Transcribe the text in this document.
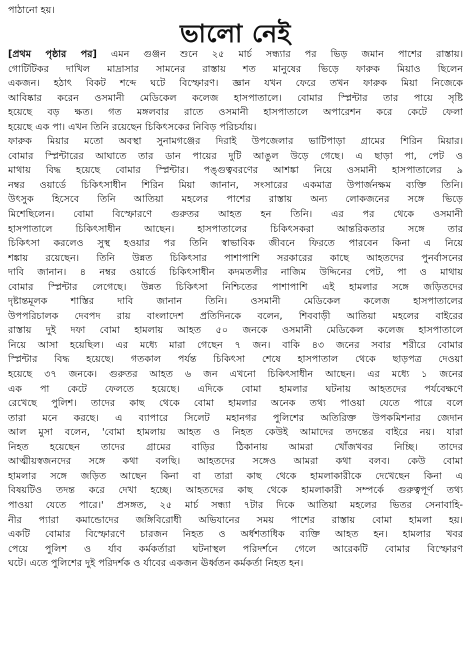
পাঠানো হয়।

ভালো নেই
[প্রথম পৃষ্ঠার পর] এমন গুঞ্জন শুনে ২৫ মার্চ সন্ধ্যার পর ভিড় জমান পাশের রাস্তায়।
গোটিটিকর দাখিল মাদ্রাসার সামনের রাস্তায় শত মানুষের ভিড়ে ফারুক মিয়াও ছিলেন
একজন। হঠাৎ বিকট শব্দে ঘটে বিস্ফোরণ। জ্ঞান যখন ফেরে তখন ফারুক মিয়া নিজেকে
আবিষ্কার করেন ওসমানী মেডিকেল কলেজ হাসপাতালে। বোমার স্প্লিন্টার তার পায়ে সৃষ্টি
হয়েছে বড় ক্ষত। গত মঙ্গলবার রাতে ওসমানী হাসপাতালে অপারেশন করে কেটে ফেলা
হয়েছে এক পা। এখন তিনি রয়েছেন চিকিৎসকের নিবিড় পরিচর্যায়।
ফারুক মিয়ার মতো অবস্থা সুনামগঞ্জের দিরাই উপজেলার ভাটিপাড়া গ্রামের শিরিন মিয়ার।
বোমার স্প্লিন্টারের আঘাতে তার ডান পায়ের দুটি আঙুল উড়ে গেছে। এ ছাড়া পা, পেট ও
মাথায় বিদ্ধ হয়েছে বোমার স্প্লিন্টার। পঙ্গুত্ববরণের আশঙ্কা নিয়ে ওসমানী হাসপাতালের ৯
নম্বর ওয়ার্ডে চিকিৎসাধীন শিরিন মিয়া জানান, সংসারের একমাত্র উপার্জনক্ষম ব্যক্তি তিনি।
উৎসুক হিসেবে তিনি আতিয়া মহলের পাশের রাস্তায় অন্য লোকজনের সঙ্গে ভিড়ে
মিশেছিলেন। বোমা বিস্ফোরণে গুরুতর আহত হন তিনি। এর পর থেকে ওসমানী
হাসপাতালে চিকিৎসাধীন আছেন। হাসপাতালের চিকিৎসকরা আন্তরিকতার সঙ্গে তার
চিকিৎসা করলেও সুস্থ হওয়ার পর তিনি স্বাভাবিক জীবনে ফিরতে পারবেন কিনা এ নিয়ে
শঙ্কায় রয়েছেন। তিনি উন্নত চিকিৎসার পাশাপাশি সরকারের কাছে আহতদের পুনর্বাসনের
দাবি জানান। ৪ নম্বর ওয়ার্ডে চিকিৎসাধীন কদমতলীর নাজিম উদ্দিনের পেট, পা ও মাথায়
বোমার স্প্লিন্টার লেগেছে। উন্নত চিকিৎসা নিশ্চিতের পাশাপাশি এই হামলার সঙ্গে জড়িতদের
দৃষ্টান্তমূলক শাস্তির দাবি জানান তিনি। ওসমানী মেডিকেল কলেজ হাসপাতালের
উপপরিচালক দেবপদ রায় বাংলাদেশ প্রতিদিনকে বলেন, শিববাড়ী আতিয়া মহলের বাইরের
রাস্তায় দুই দফা বোমা হামলায় আহত ৫০ জনকে ওসমানী মেডিকেল কলেজ হাসপাতালে
নিয়ে আসা হয়েছিল। এর মধ্যে মারা গেছেন ৭ জন। বাকি ৪৩ জনের সবার শরীরে বোমার
স্প্লিন্টার বিদ্ধ হয়েছে। গতকাল পর্যন্ত চিকিৎসা শেষে হাসপাতাল থেকে ছাড়পত্র দেওয়া
হয়েছে ৩৭ জনকে। গুরুতর আহত ৬ জন এখনো চিকিৎসাধীন আছেন। এর মধ্যে ১ জনের
এক পা কেটে ফেলতে হয়েছে। এদিকে বোমা হামলার ঘটনায় আহতদের পর্যবেক্ষণে
রেখেছে পুলিশ। তাদের কাছ থেকে বোমা হামলার অনেক তথ্য পাওয়া যেতে পারে বলে
তারা মনে করছে। এ ব্যাপারে সিলেট মহানগর পুলিশের অতিরিক্ত উপকমিশনার জেদান
আল মুসা বলেন, 'বোমা হামলায় আহত ও নিহত কেউই আমাদের তদন্তের বাইরে নয়। যারা
নিহত হয়েছেন তাদের গ্রামের বাড়ির ঠিকানায় আমরা খোঁজখবর নিচ্ছি। তাদের
আত্মীয়স্বজনদের সঙ্গে কথা বলছি। আহতদের সঙ্গেও আমরা কথা বলব। কেউ বোমা
হামলার সঙ্গে জড়িত আছেন কিনা বা তারা কাছ থেকে হামলাকারীকে দেখেছেন কিনা এ
বিষয়টিও তদন্ত করে দেখা হচ্ছে। আহতদের কাছ থেকে হামলাকারী সম্পর্কে গুরুত্বপূর্ণ তথ্য
পাওয়া যেতে পারে।' প্রসঙ্গত, ২৫ মার্চ সন্ধ্যা ৭টার দিকে আতিয়া মহলের ভিতর সেনাবাহি-
নীর প্যারা কমান্ডোদের জঙ্গিবিরোধী অভিযানের সময় পাশের রাস্তায় বোমা হামলা হয়।
একটি বোমার বিস্ফোরণে চারজন নিহত ও অর্ধশতাধিক ব্যক্তি আহত হন। হামলার খবর
পেয়ে পুলিশ ও র্যাব কর্মকর্তারা ঘটনাস্থল পরিদর্শনে গেলে আরেকটি বোমার বিস্ফোরণ
ঘটে। এতে পুলিশের দুই পরিদর্শক ও র্যাবের একজন ঊর্ধ্বতন কর্মকর্তা নিহত হন।
